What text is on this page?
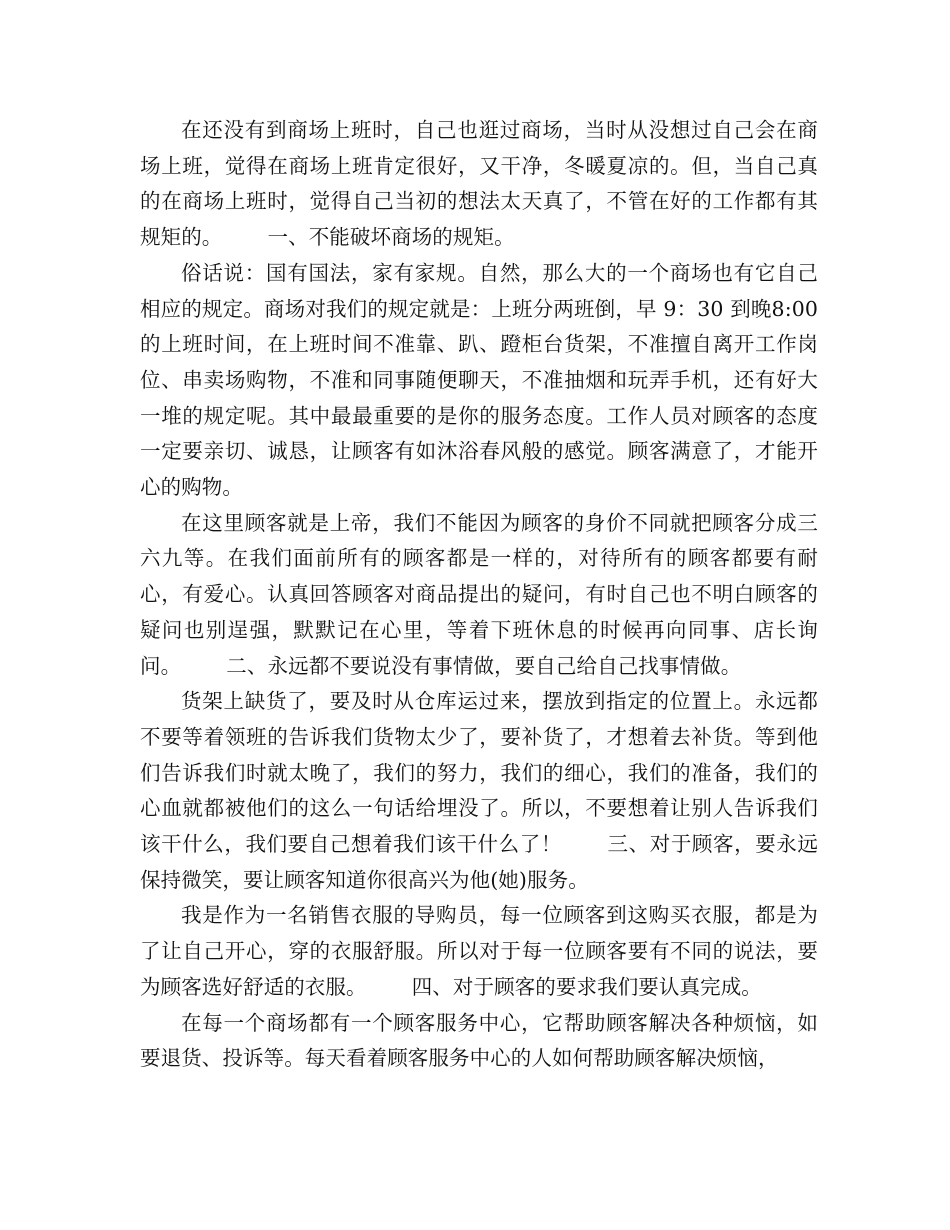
在还没有到商场上班时，自己也逛过商场，当时从没想过自己会在商场上班，觉得在商场上班肯定很好，又干净，冬暖夏凉的。但，当自己真的在商场上班时，觉得自己当初的想法太天真了，不管在好的工作都有其规矩的。 一、不能破坏商场的规矩。

俗话说：国有国法，家有家规。自然，那么大的一个商场也有它自己相应的规定。商场对我们的规定就是：上班分两班倒，早 9：30 到晚8:00 的上班时间，在上班时间不准靠、趴、蹬柜台货架，不准擅自离开工作岗位、串卖场购物，不准和同事随便聊天，不准抽烟和玩弄手机，还有好大一堆的规定呢。其中最最重要的是你的服务态度。工作人员对顾客的态度一定要亲切、诚恳，让顾客有如沐浴春风般的感觉。顾客满意了，才能开心的购物。

在这里顾客就是上帝，我们不能因为顾客的身价不同就把顾客分成三六九等。在我们面前所有的顾客都是一样的，对待所有的顾客都要有耐心，有爱心。认真回答顾客对商品提出的疑问，有时自己也不明白顾客的疑问也别逞强，默默记在心里，等着下班休息的时候再向同事、店长询问。 二、永远都不要说没有事情做，要自己给自己找事情做。

货架上缺货了，要及时从仓库运过来，摆放到指定的位置上。永远都不要等着领班的告诉我们货物太少了，要补货了，才想着去补货。等到他们告诉我们时就太晚了，我们的努力，我们的细心，我们的准备，我们的心血就都被他们的这么一句话给埋没了。所以，不要想着让别人告诉我们该干什么，我们要自己想着我们该干什么了！ 三、对于顾客，要永远保持微笑，要让顾客知道你很高兴为他(她)服务。

我是作为一名销售衣服的导购员，每一位顾客到这购买衣服，都是为了让自己开心，穿的衣服舒服。所以对于每一位顾客要有不同的说法，要为顾客选好舒适的衣服。 四、对于顾客的要求我们要认真完成。

在每一个商场都有一个顾客服务中心，它帮助顾客解决各种烦恼，如要退货、投诉等。每天看着顾客服务中心的人如何帮助顾客解决烦恼，
